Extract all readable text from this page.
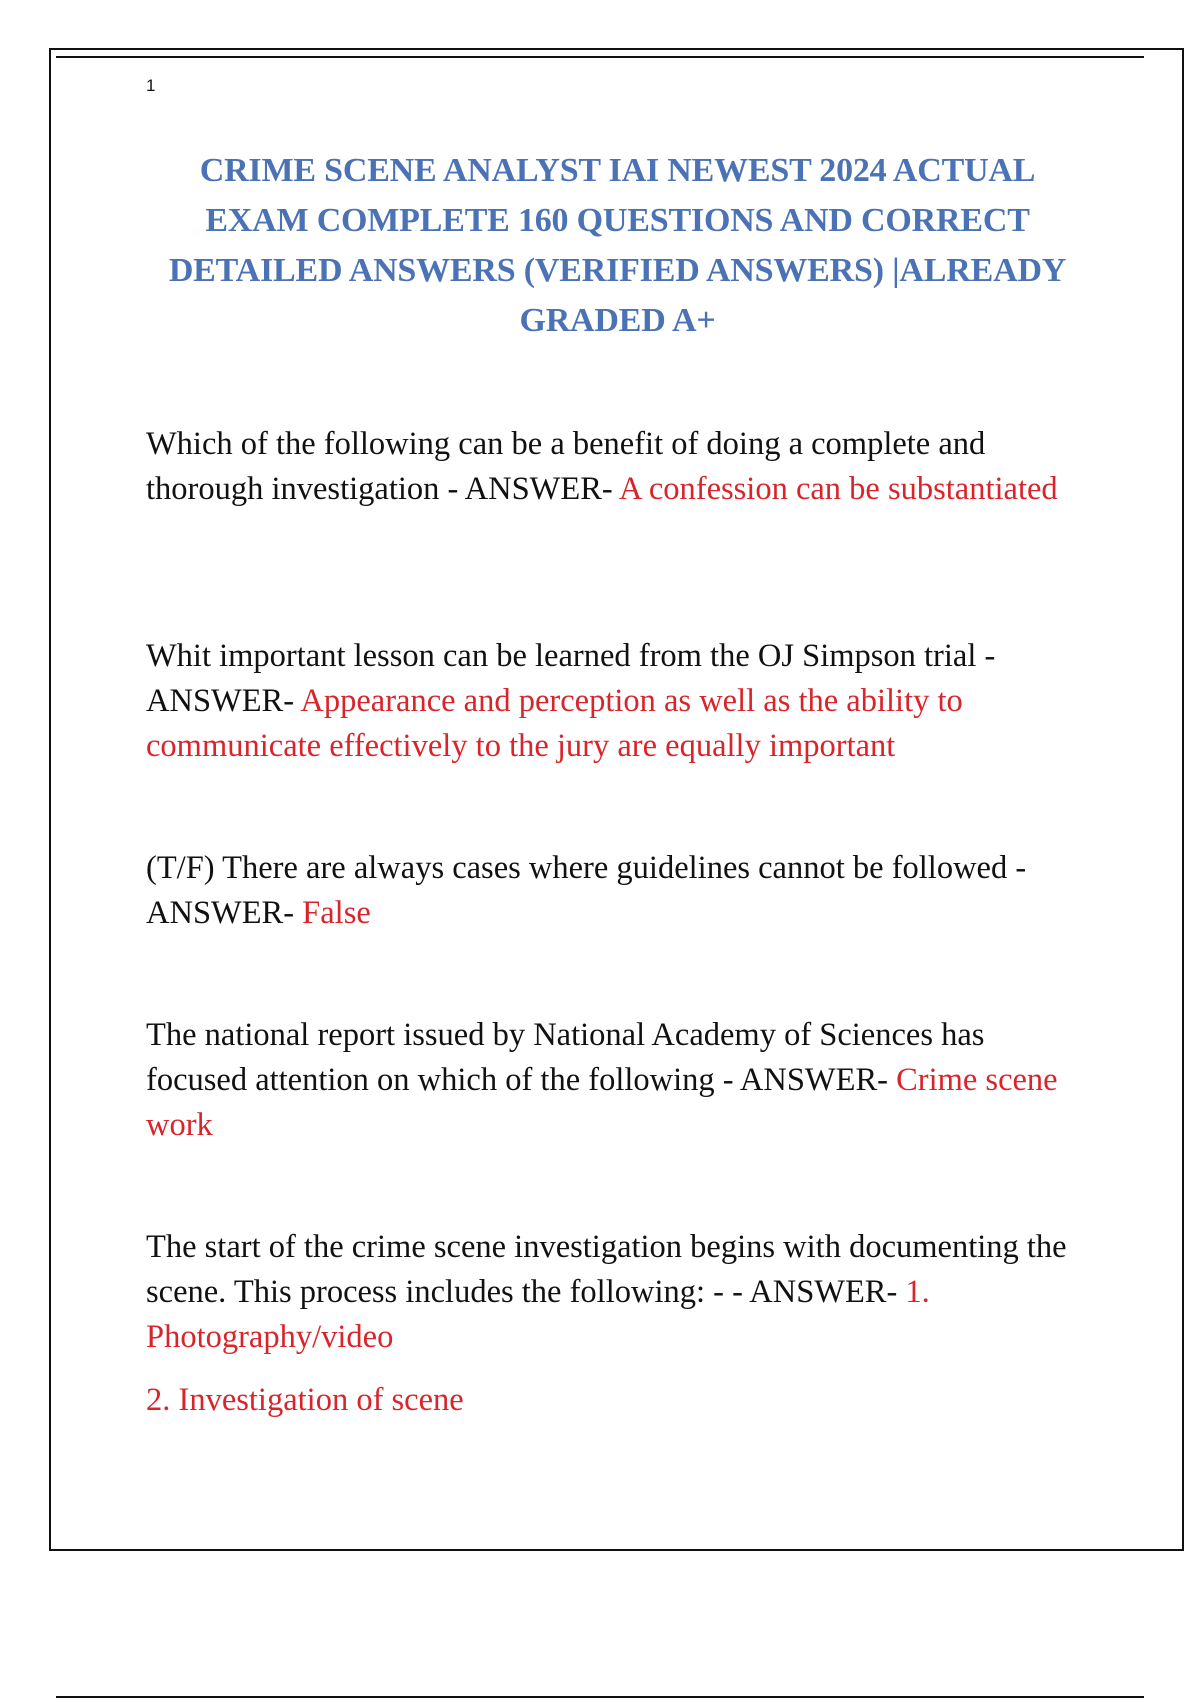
1
CRIME SCENE ANALYST IAI NEWEST 2024 ACTUAL EXAM COMPLETE 160 QUESTIONS AND CORRECT DETAILED ANSWERS (VERIFIED ANSWERS) |ALREADY GRADED A+

Which of the following can be a benefit of doing a complete and thorough investigation - ANSWER- A confession can be substantiated

Whit important lesson can be learned from the OJ Simpson trial - ANSWER- Appearance and perception as well as the ability to communicate effectively to the jury are equally important

(T/F) There are always cases where guidelines cannot be followed - ANSWER- False

The national report issued by National Academy of Sciences has focused attention on which of the following - ANSWER- Crime scene work

The start of the crime scene investigation begins with documenting the scene. This process includes the following: - - ANSWER- 1. Photography/video

2. Investigation of scene
